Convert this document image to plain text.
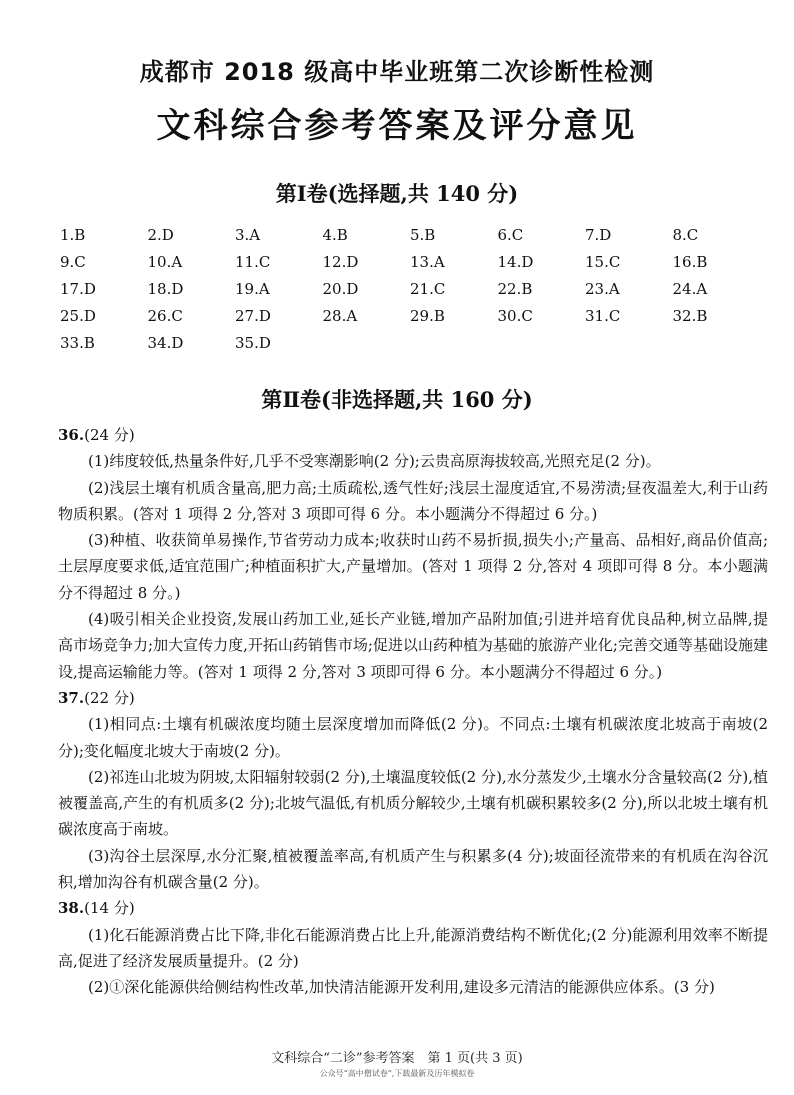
成都市 2018 级高中毕业班第二次诊断性检测
文科综合参考答案及评分意见
第Ⅰ卷(选择题,共 140 分)
1.B	2.D	3.A	4.B	5.B	6.C	7.D	8.C
9.C	10.A	11.C	12.D	13.A	14.D	15.C	16.B
17.D	18.D	19.A	20.D	21.C	22.B	23.A	24.A
25.D	26.C	27.D	28.A	29.B	30.C	31.C	32.B
33.B	34.D	35.D
第Ⅱ卷(非选择题,共 160 分)
36.(24 分)
(1)纬度较低,热量条件好,几乎不受寒潮影响(2 分);云贵高原海拔较高,光照充足(2 分)。
(2)浅层土壤有机质含量高,肥力高;土质疏松,透气性好;浅层土湿度适宜,不易涝渍;昼夜温差大,利于山药物质积累。(答对 1 项得 2 分,答对 3 项即可得 6 分。本小题满分不得超过 6 分。)
(3)种植、收获简单易操作,节省劳动力成本;收获时山药不易折损,损失小;产量高、品相好,商品价值高;土层厚度要求低,适宜范围广;种植面积扩大,产量增加。(答对 1 项得 2 分,答对 4 项即可得 8 分。本小题满分不得超过 8 分。)
(4)吸引相关企业投资,发展山药加工业,延长产业链,增加产品附加值;引进并培育优良品种,树立品牌,提高市场竞争力;加大宣传力度,开拓山药销售市场;促进以山药种植为基础的旅游产业化;完善交通等基础设施建设,提高运输能力等。(答对 1 项得 2 分,答对 3 项即可得 6 分。本小题满分不得超过 6 分。)
37.(22 分)
(1)相同点:土壤有机碳浓度均随土层深度增加而降低(2 分)。不同点:土壤有机碳浓度北坡高于南坡(2 分);变化幅度北坡大于南坡(2 分)。
(2)祁连山北坡为阴坡,太阳辐射较弱(2 分),土壤温度较低(2 分),水分蒸发少,土壤水分含量较高(2 分),植被覆盖高,产生的有机质多(2 分);北坡气温低,有机质分解较少,土壤有机碳积累较多(2 分),所以北坡土壤有机碳浓度高于南坡。
(3)沟谷土层深厚,水分汇聚,植被覆盖率高,有机质产生与积累多(4 分);坡面径流带来的有机质在沟谷沉积,增加沟谷有机碳含量(2 分)。
38.(14 分)
(1)化石能源消费占比下降,非化石能源消费占比上升,能源消费结构不断优化;(2 分)能源利用效率不断提高,促进了经济发展质量提升。(2 分)
(2)①深化能源供给侧结构性改革,加快清洁能源开发利用,建设多元清洁的能源供应体系。(3 分)
文科综合“二诊”参考答案　第 1 页(共 3 页)
公众号“高中僧试卷”,下载最新及历年模拟卷
